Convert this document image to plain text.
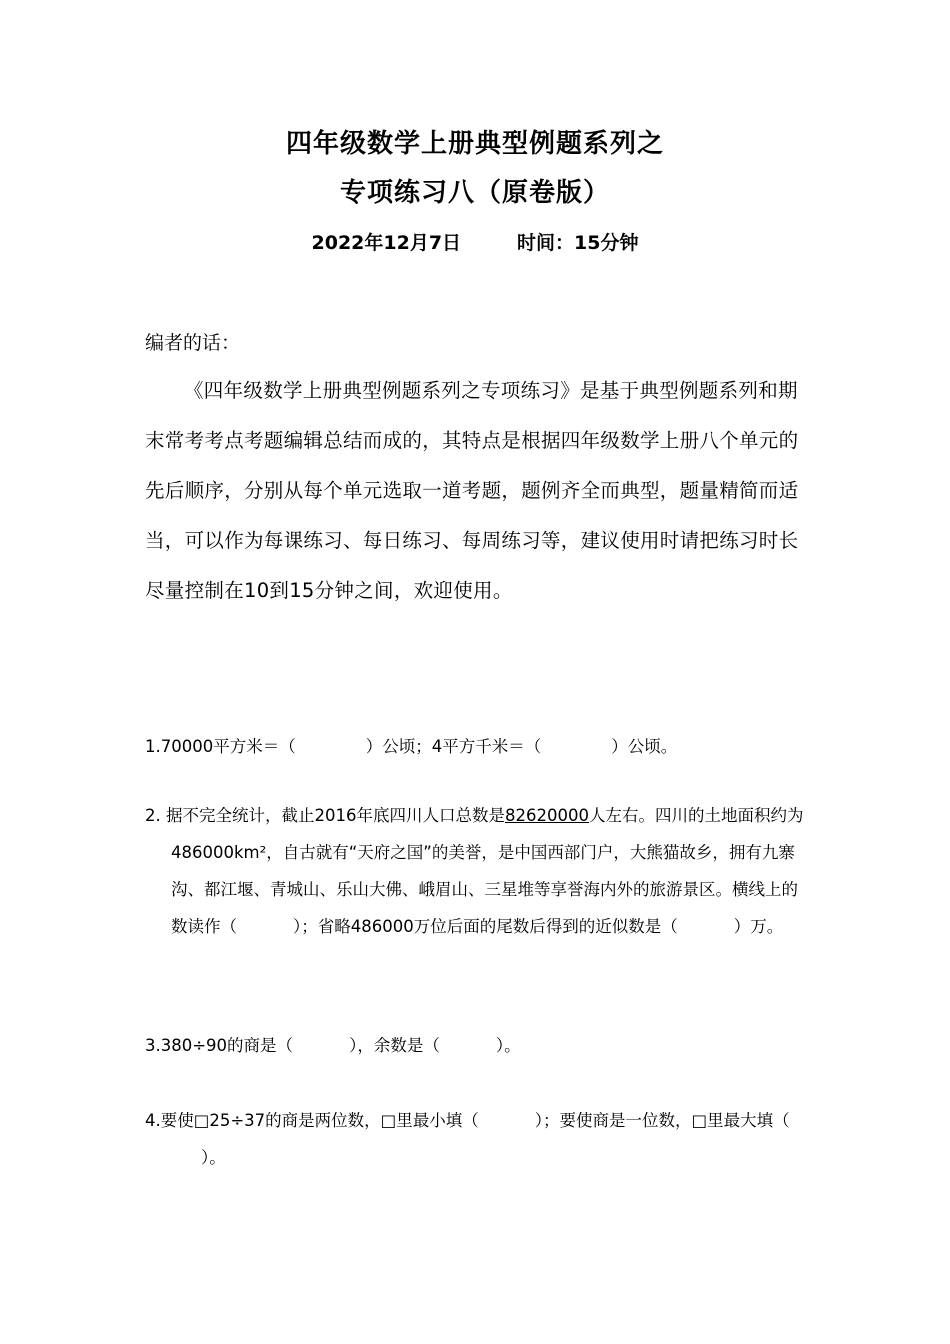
四年级数学上册典型例题系列之
专项练习八（原卷版）
2022年12月7日	时间：15分钟
编者的话：
《四年级数学上册典型例题系列之专项练习》是基于典型例题系列和期末常考考点考题编辑总结而成的，其特点是根据四年级数学上册八个单元的先后顺序，分别从每个单元选取一道考题，题例齐全而典型，题量精简而适当，可以作为每课练习、每日练习、每周练习等，建议使用时请把练习时长尽量控制在10到15分钟之间，欢迎使用。
1.70000平方米＝（	）公顷；4平方千米＝（	）公顷。
2. 据不完全统计，截止2016年底四川人口总数是82620000人左右。四川的土地面积约为486000km²，自古就有“天府之国”的美誉，是中国西部门户，大熊猫故乡，拥有九寨沟、都江堰、青城山、乐山大佛、峨眉山、三星堆等享誉海内外的旅游景区。横线上的数读作（	）；省略486000万位后面的尾数后得到的近似数是（	）万。
3.380÷90的商是（	），余数是（	）。
4.要使□25÷37的商是两位数，□里最小填（	）；要使商是一位数，□里最大填（）。
